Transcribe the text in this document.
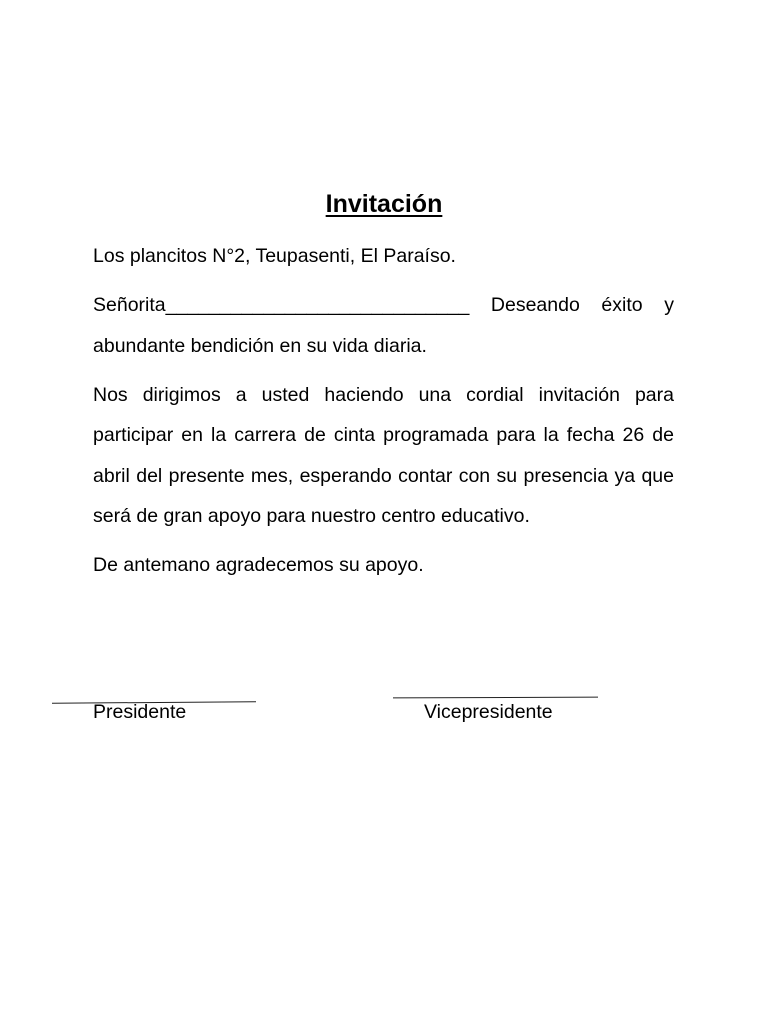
Invitación

Los plancitos N°2, Teupasenti, El Paraíso.

Señorita____________________________ Deseando éxito y abundante bendición en su vida diaria.

Nos dirigimos a usted haciendo una cordial invitación para participar en la carrera de cinta programada para la fecha 26 de abril del presente mes, esperando contar con su presencia ya que será de gran apoyo para nuestro centro educativo.

De antemano agradecemos su apoyo.

Presidente	Vicepresidente
